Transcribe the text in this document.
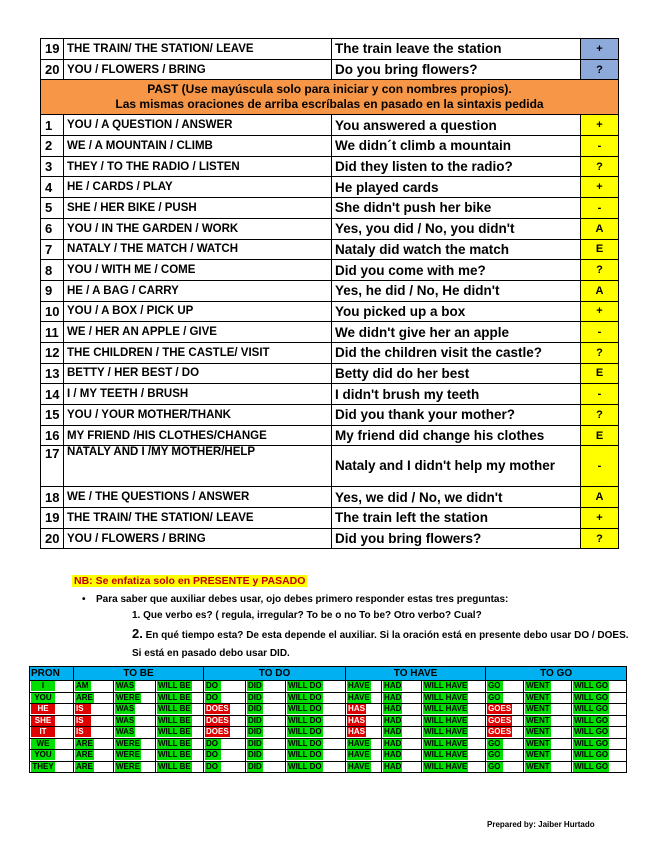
19	THE TRAIN/ THE STATION/ LEAVE	The train leave the station	+
20	YOU / FLOWERS / BRING	Do you bring flowers?	?

PAST (Use mayúscula solo para iniciar y con nombres propios).
Las mismas oraciones de arriba escríbalas en pasado en la sintaxis pedida			

1	YOU / A QUESTION / ANSWER	You answered a question	+
2	WE / A MOUNTAIN / CLIMB	We didn´t climb a mountain	-
3	THEY / TO THE RADIO / LISTEN	Did they listen to the radio?	?
4	HE / CARDS / PLAY	He played cards	+
5	SHE / HER BIKE / PUSH	She didn't push her bike	-
6	YOU / IN THE GARDEN / WORK	Yes, you did / No, you didn't	A
7	NATALY / THE MATCH / WATCH	Nataly did watch the match	E
8	YOU / WITH ME / COME	Did you come with me?	?
9	HE / A BAG / CARRY	Yes, he did / No, He didn't	A
10	YOU / A BOX / PICK UP	You picked up a box	+
11	WE / HER AN APPLE / GIVE	We didn't give her an apple	-
12	THE CHILDREN / THE CASTLE/ VISIT	Did the children visit the castle?	?
13	BETTY / HER BEST / DO	Betty did do her best	E
14	I / MY TEETH / BRUSH	I didn't brush my teeth	-
15	YOU / YOUR MOTHER/THANK	Did you thank your mother?	?
16	MY FRIEND /HIS CLOTHES/CHANGE	My friend did change his clothes	E
17	NATALY AND I /MY MOTHER/HELP	Nataly and I didn't help my mother	-
18	WE / THE QUESTIONS / ANSWER	Yes, we did / No, we didn't	A
19	THE TRAIN/ THE STATION/ LEAVE	The train left the station	+
20	YOU / FLOWERS / BRING	Did you bring flowers?	?
NB: Se enfatiza solo en PRESENTE y PASADO
• Para saber que auxiliar debes usar, ojo debes primero responder estas tres preguntas:
1. Que verbo es? ( regula, irregular? To be o no To be? Otro verbo? Cual?
2. En qué tiempo esta? De esta depende el auxiliar. Si la oración está en presente debo usar DO / DOES. Si está en pasado debo usar DID.
PRON	TO BE			TO DO			TO HAVE			TO GO		
I	AM	WAS	WILL BE	DO	DID	WILL DO	HAVE	HAD	WILL HAVE	GO	WENT	WILL GO
YOU	ARE	WERE	WILL BE	DO	DID	WILL DO	HAVE	HAD	WILL HAVE	GO	WENT	WILL GO
HE	IS	WAS	WILL BE	DOES	DID	WILL DO	HAS	HAD	WILL HAVE	GOES	WENT	WILL GO
SHE	IS	WAS	WILL BE	DOES	DID	WILL DO	HAS	HAD	WILL HAVE	GOES	WENT	WILL GO
IT	IS	WAS	WILL BE	DOES	DID	WILL DO	HAS	HAD	WILL HAVE	GOES	WENT	WILL GO
WE	ARE	WERE	WILL BE	DO	DID	WILL DO	HAVE	HAD	WILL HAVE	GO	WENT	WILL GO
YOU	ARE	WERE	WILL BE	DO	DID	WILL DO	HAVE	HAD	WILL HAVE	GO	WENT	WILL GO
THEY	ARE	WERE	WILL BE	DO	DID	WILL DO	HAVE	HAD	WILL HAVE	GO	WENT	WILL GO
Prepared by: Jaiber Hurtado
